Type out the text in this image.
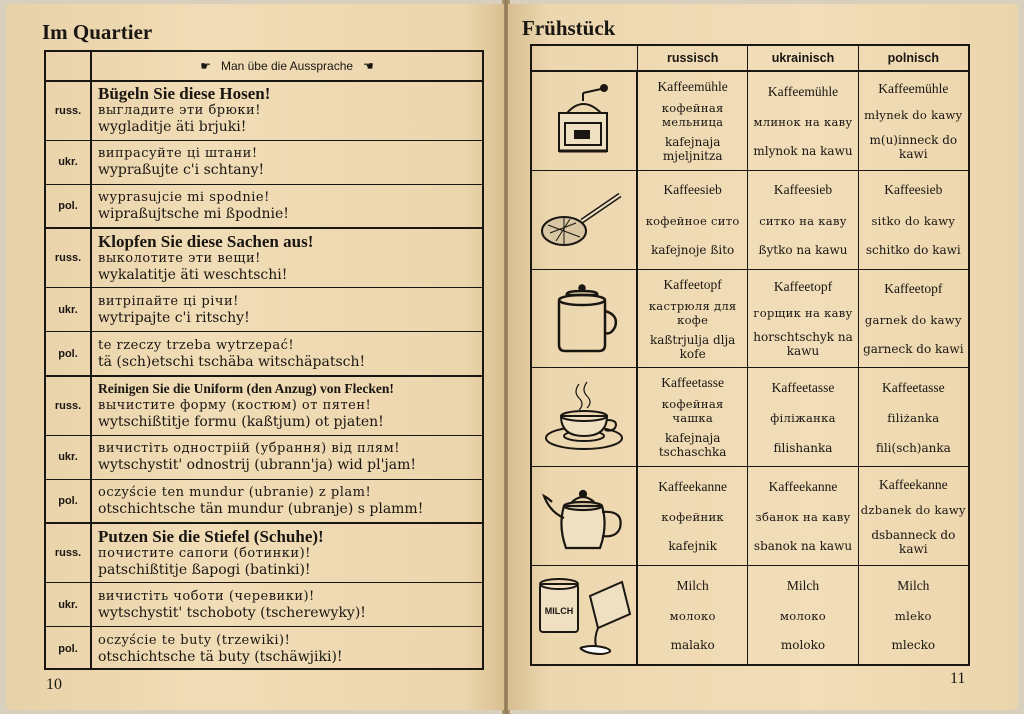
Im Quartier
☛ Man übe die Aussprache ☚
russ.
Bügeln Sie diese Hosen!
выгладите эти брюки!
wygladitje äti brjuki!
ukr.
випрасуйте ці штани!
wypraßujte c'i schtany!
pol.
wyprasujcie mi spodnie!
wipraßujtsche mi ßpodnie!
russ.
Klopfen Sie diese Sachen aus!
выколотите эти вещи!
wykalatitje äti weschtschi!
ukr.
витріпайте ці річи!
wytripajte c'i ritschy!
pol.
te rzeczy trzeba wytrzepać!
tä (sch)etschi tschäba witschäpatsch!
russ.
Reinigen Sie die Uniform (den Anzug) von Flecken!
вычистите форму (костюм) от пятен!
wytschißtitje formu (kaßtjum) ot pjaten!
ukr.
вичистіть одностріій (убрання) від плям!
wytschystit' odnostrij (ubrann'ja) wid pl'jam!
pol.
oczyście ten mundur (ubranie) z plam!
otschichtsche tän mundur (ubranje) s plamm!
russ.
Putzen Sie die Stiefel (Schuhe)!
почистите сапоги (ботинки)!
patschißtitje ßapogi (batinki)!
ukr.
вичистіть чоботи (черевики)!
wytschystit' tschoboty (tscherewyky)!
pol.
oczyście te buty (trzewiki)!
otschichtsche tä buty (tschäwjiki)!
10
Frühstück
russisch	ukrainisch	polnisch
Kaffeemühle
кофейная мельница
kafejnaja mjeljnitza
Kaffeemühle
млинок на каву
mlynok na kawu
Kaffeemühle
młynek do kawy
m(u)inneck do kawi
Kaffeesieb
кофейное сито
kafejnoje ßito
Kaffeesieb
ситко на каву
ßytko na kawu
Kaffeesieb
sitko do kawy
schitko do kawi
Kaffeetopf
кастрюля для кофе
kaßtrjulja dlja kofe
Kaffeetopf
горщик на каву
horschtschyk na kawu
Kaffeetopf
garnek do kawy
garneck do kawi
Kaffeetasse
кофейная чашка
kafejnaja tschaschka
Kaffeetasse
філіжанка
filishanka
Kaffeetasse
filiżanka
fili(sch)anka
Kaffeekanne
кофейник
kafejnik
Kaffeekanne
збанок на каву
sbanok na kawu
Kaffeekanne
dzbanek do kawy
dsbanneck do kawi
MILCH
Milch
молоко
malako
Milch
молоко
moloko
Milch
mleko
mlecko
11
